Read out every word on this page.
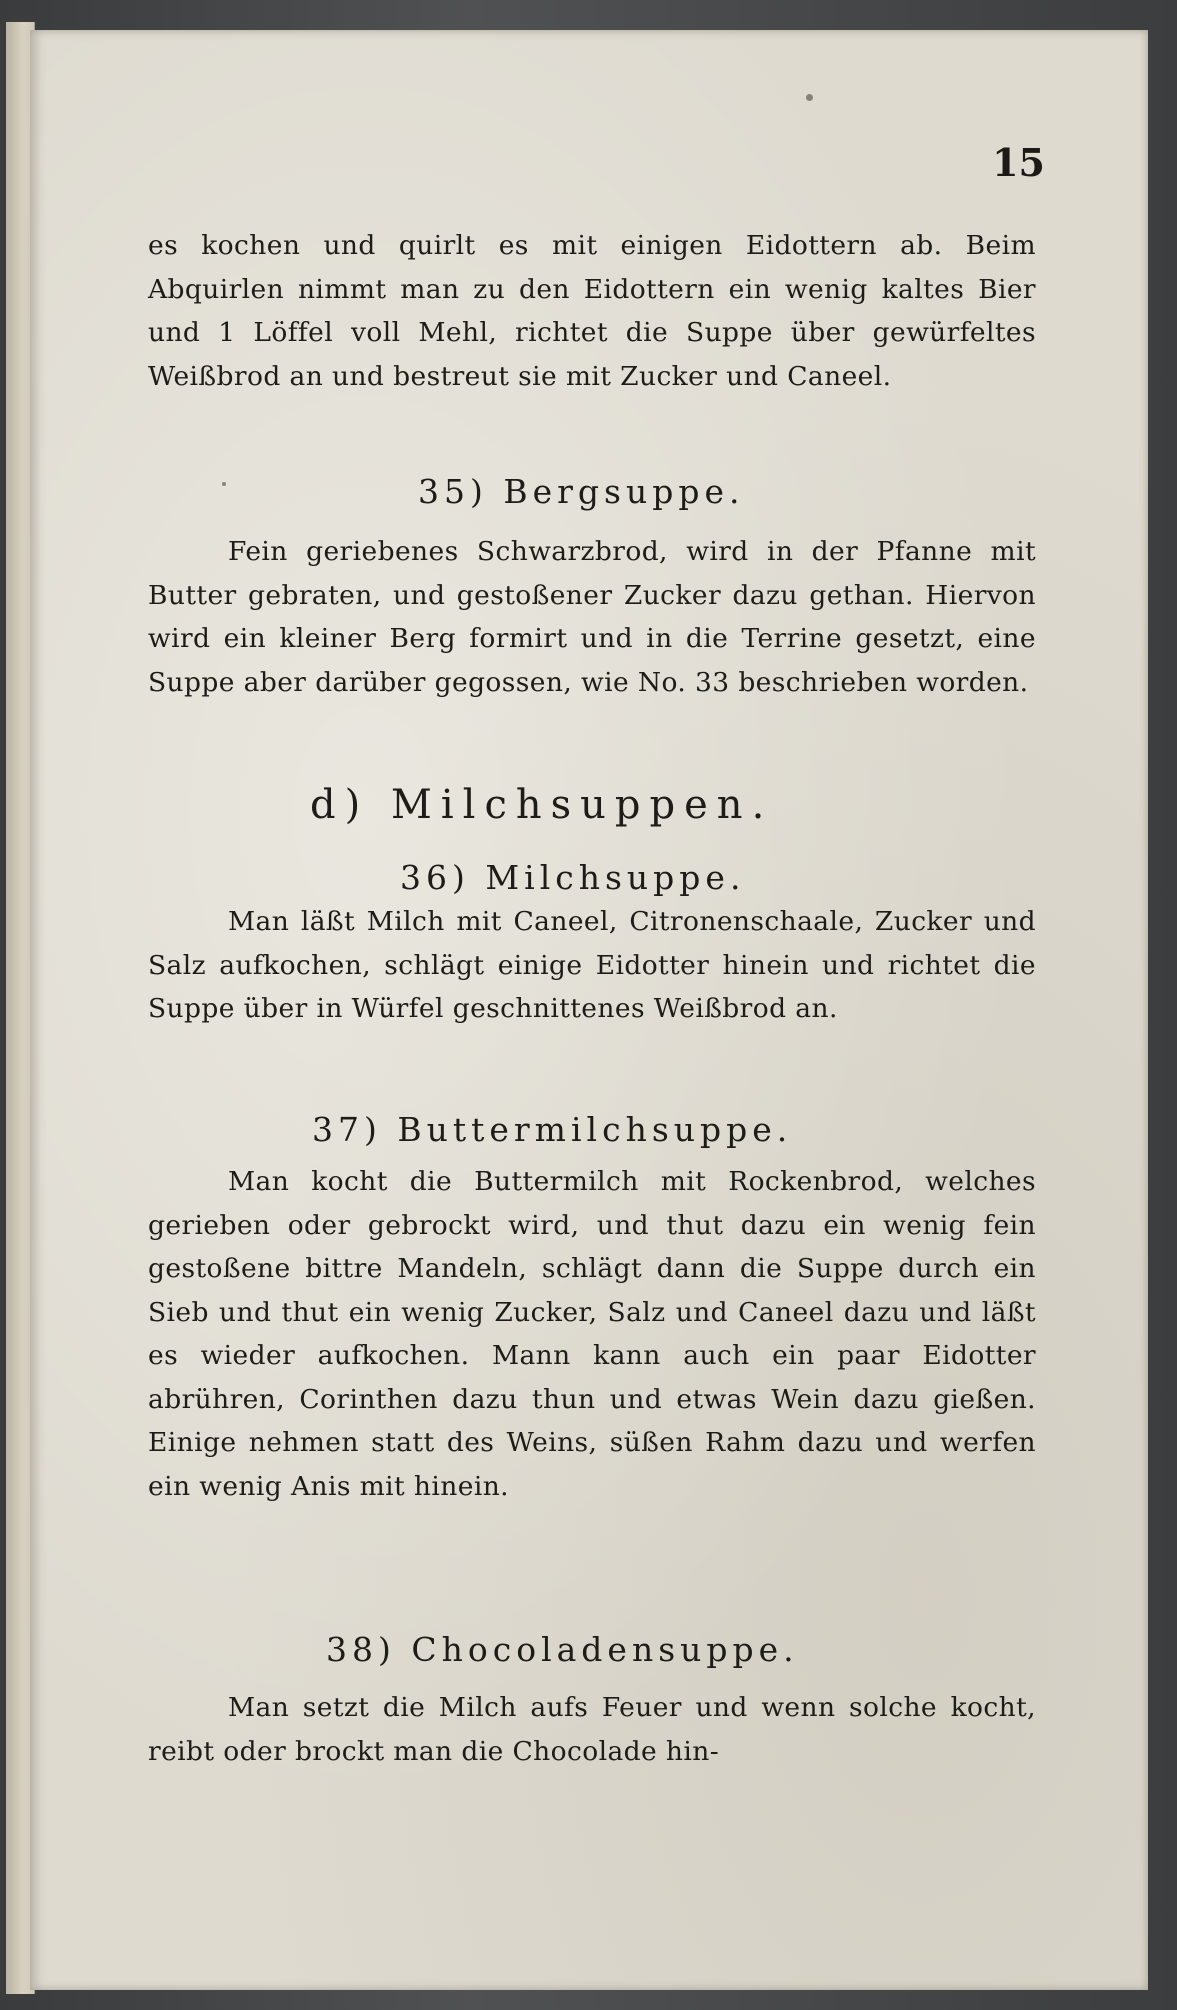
15

es kochen und quirlt es mit einigen Eidottern ab. Beim Abquirlen nimmt man zu den Eidottern ein wenig kaltes Bier und 1 Löffel voll Mehl, richtet die Suppe über gewürfeltes Weißbrod an und bestreut sie mit Zucker und Caneel.

35) Bergsuppe.

Fein geriebenes Schwarzbrod, wird in der Pfanne mit Butter gebraten, und gestoßener Zucker dazu gethan. Hiervon wird ein kleiner Berg formirt und in die Terrine gesetzt, eine Suppe aber darüber gegossen, wie No. 33 beschrieben worden.

d) Milchsuppen.
36) Milchsuppe.

Man läßt Milch mit Caneel, Citronenschaale, Zucker und Salz aufkochen, schlägt einige Eidotter hinein und richtet die Suppe über in Würfel geschnittenes Weißbrod an.

37) Buttermilchsuppe.

Man kocht die Buttermilch mit Rockenbrod, welches gerieben oder gebrockt wird, und thut dazu ein wenig fein gestoßene bittre Mandeln, schlägt dann die Suppe durch ein Sieb und thut ein wenig Zucker, Salz und Caneel dazu und läßt es wieder aufkochen. Mann kann auch ein paar Eidotter abrühren, Corinthen dazu thun und etwas Wein dazu gießen. Einige nehmen statt des Weins, süßen Rahm dazu und werfen ein wenig Anis mit hinein.

38) Chocoladensuppe.

Man setzt die Milch aufs Feuer und wenn solche kocht, reibt oder brockt man die Chocolade hin-
